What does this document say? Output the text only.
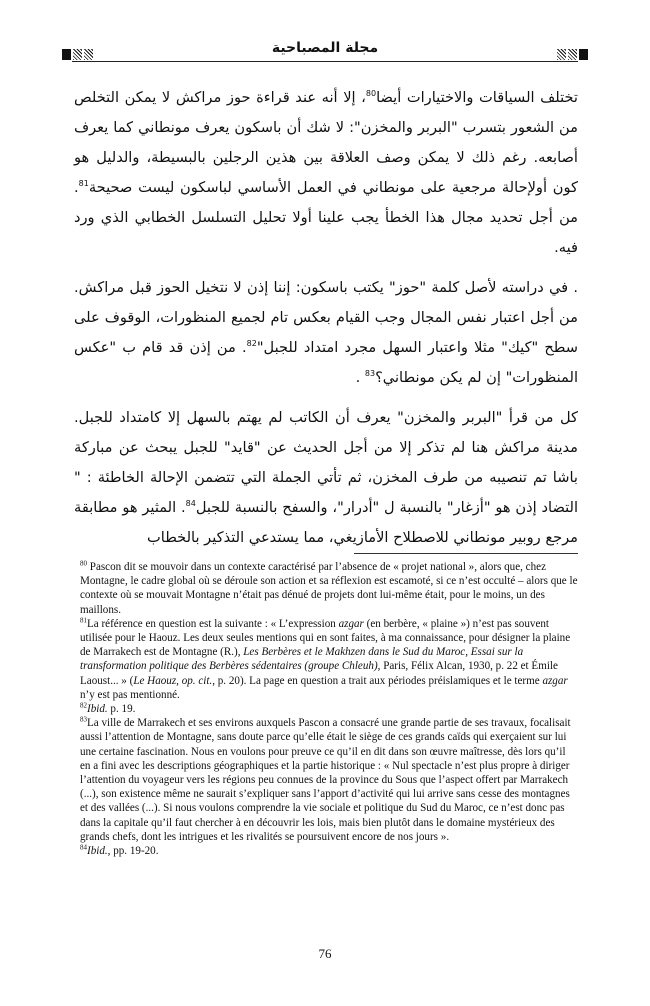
مجلة المصباحية

تختلف السياقات والاختيارات أيضا$^{80}$، إلا أنه عند قراءة حوز مراكش لا يمكن التخلص من الشعور بتسرب "البربر والمخزن": لا شك أن باسكون يعرف مونطاني كما يعرف أصابعه. رغم ذلك لا يمكن وصف العلاقة بين هذين الرجلين بالبسيطة، والدليل هو كون أولإحالة مرجعية على مونطاني في العمل الأساسي لباسكون ليست صحيحة$^{81}$. من أجل تحديد مجال هذا الخطأ يجب علينا أولا تحليل التسلسل الخطابي الذي ورد فيه.

. في دراسته لأصل كلمة "حوز" يكتب باسكون: إننا إذن لا نتخيل الحوز قبل مراكش. من أجل اعتبار نفس المجال وجب القيام بعكس تام لجميع المنظورات، الوقوف على سطح "كيك" مثلا واعتبار السهل مجرد امتداد للجبل"$^{82}$. من إذن قد قام ب "عكس المنظورات" إن لم يكن مونطاني؟$^{83}$ .

كل من قرأ "البربر والمخزن" يعرف أن الكاتب لم يهتم بالسهل إلا كامتداد للجبل. مدينة مراكش هنا لم تذكر إلا من أجل الحديث عن "قايد" للجبل يبحث عن مباركة باشا تم تنصيبه من طرف المخزن، ثم تأتي الجملة التي تتضمن الإحالة الخاطئة : " التضاد إذن هو "أزغار" بالنسبة ل "أدرار"، والسفح بالنسبة للجبل$^{84}$. المثير هو مطابقة مرجع روبير مونطاني للاصطلاح الأمازيغي، مما يستدعي التذكير بالخطاب

$^{80}$ Pascon dit se mouvoir dans un contexte caractérisé par l’absence de « projet national », alors que, chez Montagne, le cadre global où se déroule son action et sa réflexion est escamoté, si ce n’est occulté – alors que le contexte où se mouvait Montagne n’était pas dénué de projets dont lui-même était, pour le moins, un des maillons.

$^{81}$La référence en question est la suivante : « L’expression azgar (en berbère, « plaine ») n’est pas souvent utilisée pour le Haouz. Les deux seules mentions qui en sont faites, à ma connaissance, pour désigner la plaine de Marrakech est de Montagne (R.), Les Berbères et le Makhzen dans le Sud du Maroc, Essai sur la transformation politique des Berbères sédentaires (groupe Chleuh), Paris, Félix Alcan, 1930, p. 22 et Émile Laoust... » (Le Haouz, op. cit., p. 20). La page en question a trait aux périodes préislamiques et le terme azgar n’y est pas mentionné.

$^{82}$Ibid. p. 19.

$^{83}$La ville de Marrakech et ses environs auxquels Pascon a consacré une grande partie de ses travaux, focalisait aussi l’attention de Montagne, sans doute parce qu’elle était le siège de ces grands caïds qui exerçaient sur lui une certaine fascination. Nous en voulons pour preuve ce qu’il en dit dans son œuvre maîtresse, dès lors qu’il en a fini avec les descriptions géographiques et la partie historique : « Nul spectacle n’est plus propre à diriger l’attention du voyageur vers les régions peu connues de la province du Sous que l’aspect offert par Marrakech (...), son existence même ne saurait s’expliquer sans l’apport d’activité qui lui arrive sans cesse des montagnes et des vallées (...). Si nous voulons comprendre la vie sociale et politique du Sud du Maroc, ce n’est donc pas dans la capitale qu’il faut chercher à en découvrir les lois, mais bien plutôt dans le domaine mystérieux des grands chefs, dont les intrigues et les rivalités se poursuivent encore de nos jours ».

$^{84}$Ibid., pp. 19-20.

76
